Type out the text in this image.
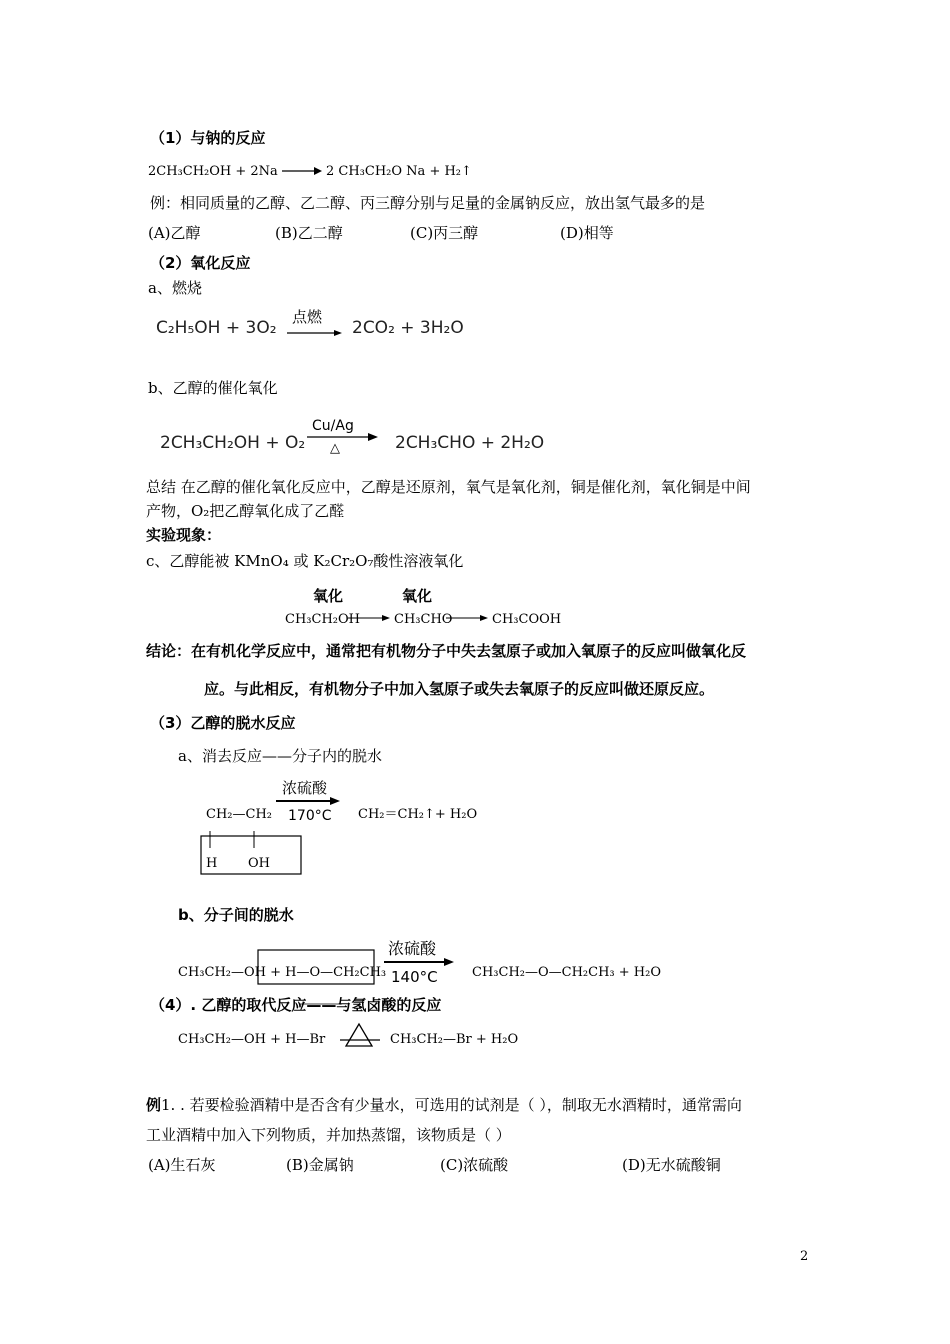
（1）与钠的反应
2CH₃CH₂OH + 2Na	2 CH₃CH₂O Na + H₂↑
例：相同质量的乙醇、乙二醇、丙三醇分别与足量的金属钠反应，放出氢气最多的是
(A)乙醇	(B)乙二醇	(C)丙三醇	(D)相等
（2）氧化反应
a、燃烧
C₂H₅OH + 3O₂
点燃
2CO₂ + 3H₂O
b、乙醇的催化氧化
2CH₃CH₂OH + O₂
Cu/Ag
△	2CH₃CHO + 2H₂O
总结 在乙醇的催化氧化反应中，乙醇是还原剂，氧气是氧化剂，铜是催化剂，氧化铜是中间
产物，O₂把乙醇氧化成了乙醛
实验现象：
c、乙醇能被 KMnO₄ 或 K₂Cr₂O₇酸性溶液氧化
氧化	氧化
CH₃CH₂OH	CH₃CHO	CH₃COOH
结论：在有机化学反应中，通常把有机物分子中失去氢原子或加入氧原子的反应叫做氧化反
应。与此相反，有机物分子中加入氢原子或失去氧原子的反应叫做还原反应。
（3）乙醇的脱水反应
a、消去反应——分子内的脱水
CH₂—CH₂
H OH
浓硫酸
170°C CH₂＝CH₂↑+ H₂O
b、分子间的脱水
CH₃CH₂—OH + H—O—CH₂CH₃
浓硫酸
140°C	CH₃CH₂—O—CH₂CH₃ + H₂O
（4）. 乙醇的取代反应——与氢卤酸的反应
CH₃CH₂—OH + H—Br	CH₃CH₂—Br + H₂O
例1. . 若要检验酒精中是否含有少量水，可选用的试剂是（ ），制取无水酒精时，通常需向
工业酒精中加入下列物质，并加热蒸馏，该物质是（ ）
(A)生石灰	(B)金属钠	(C)浓硫酸	(D)无水硫酸铜
2
